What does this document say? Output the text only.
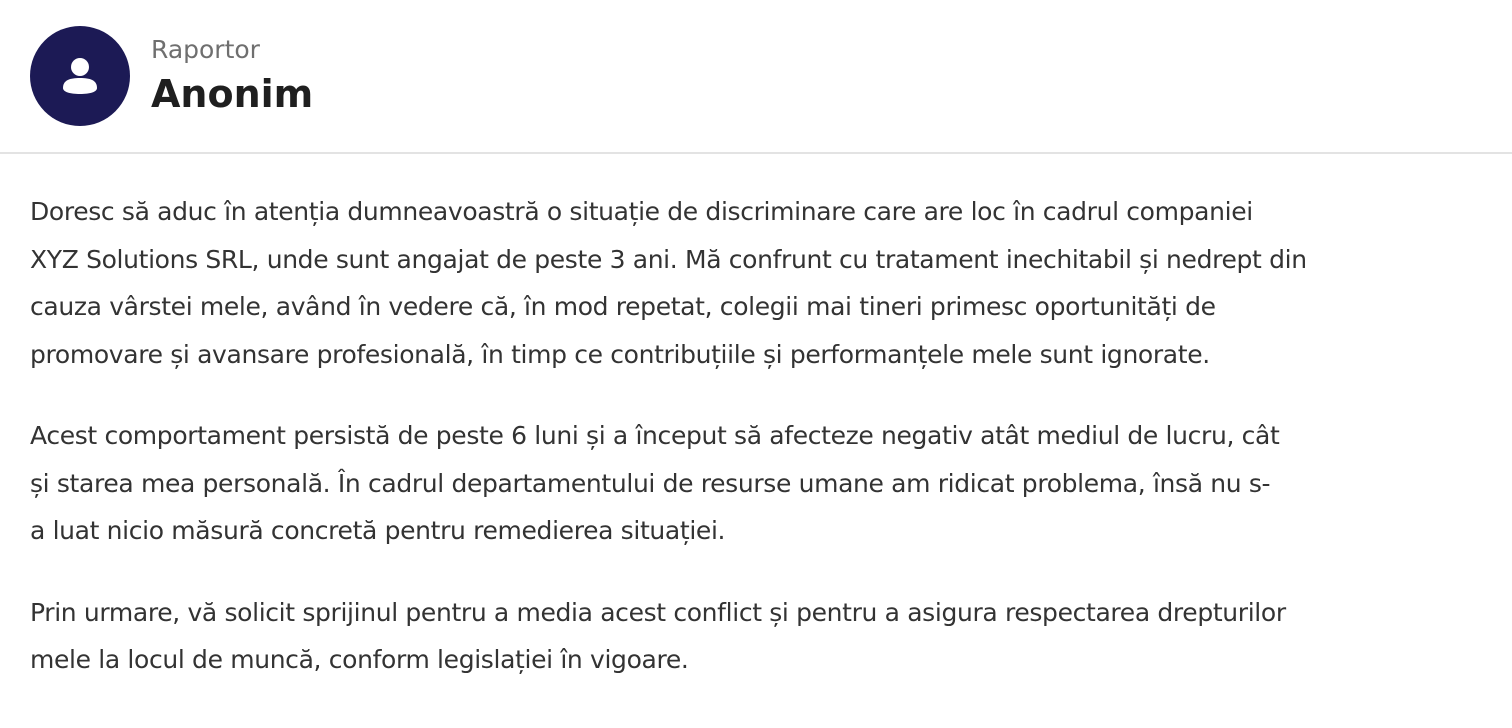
Raportor
Anonim

Doresc să aduc în atenția dumneavoastră o situație de discriminare care are loc în cadrul companiei
XYZ Solutions SRL, unde sunt angajat de peste 3 ani. Mă confrunt cu tratament inechitabil și nedrept din
cauza vârstei mele, având în vedere că, în mod repetat, colegii mai tineri primesc oportunități de
promovare și avansare profesională, în timp ce contribuțiile și performanțele mele sunt ignorate.

Acest comportament persistă de peste 6 luni și a început să afecteze negativ atât mediul de lucru, cât
și starea mea personală. În cadrul departamentului de resurse umane am ridicat problema, însă nu s-
a luat nicio măsură concretă pentru remedierea situației.

Prin urmare, vă solicit sprijinul pentru a media acest conflict și pentru a asigura respectarea drepturilor
mele la locul de muncă, conform legislației în vigoare.
